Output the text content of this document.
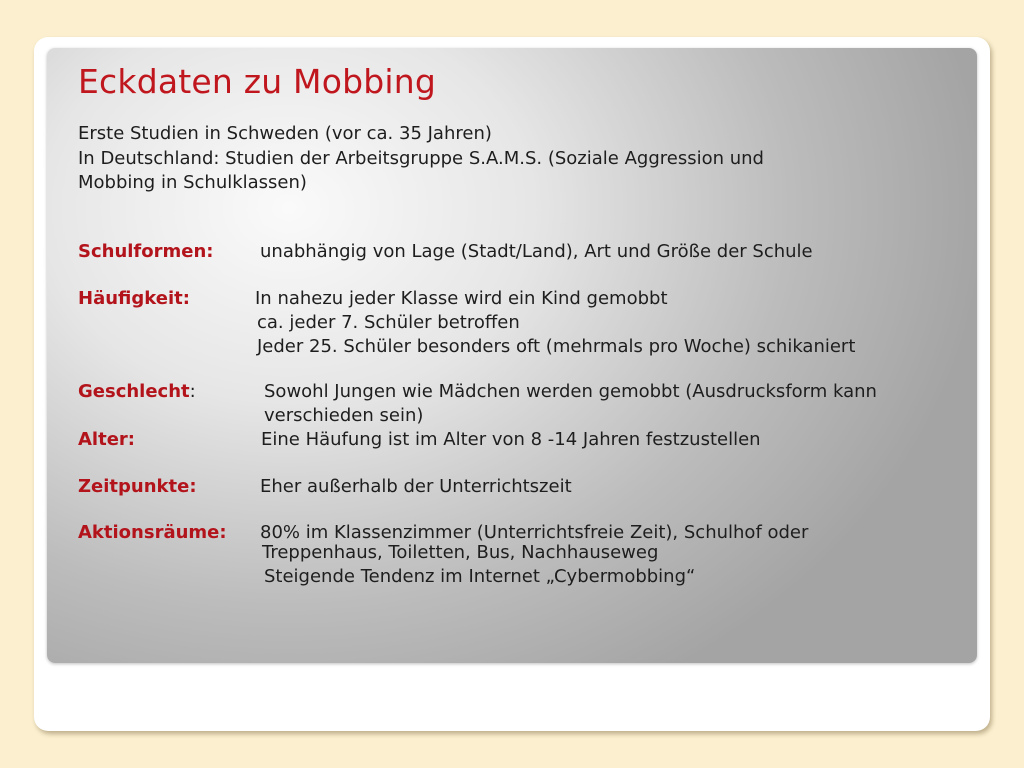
Eckdaten zu Mobbing

Erste Studien in Schweden (vor ca. 35 Jahren)

In Deutschland: Studien der Arbeitsgruppe S.A.M.S. (Soziale Aggression und

Mobbing in Schulklassen)

Schulformen:	unabhängig von Lage (Stadt/Land), Art und Größe der Schule

Häufigkeit:	In nahezu jeder Klasse wird ein Kind gemobbt

ca. jeder 7. Schüler betroffen

Jeder 25. Schüler besonders oft (mehrmals pro Woche) schikaniert

Geschlecht:	Sowohl Jungen wie Mädchen werden gemobbt (Ausdrucksform kann

verschieden sein)

Alter:	Eine Häufung ist im Alter von 8 -14 Jahren festzustellen

Zeitpunkte:	Eher außerhalb der Unterrichtszeit

Aktionsräume: 80% im Klassenzimmer (Unterrichtsfreie Zeit), Schulhof oder

Treppenhaus, Toiletten, Bus, Nachhauseweg

Steigende Tendenz im Internet „Cybermobbing“
